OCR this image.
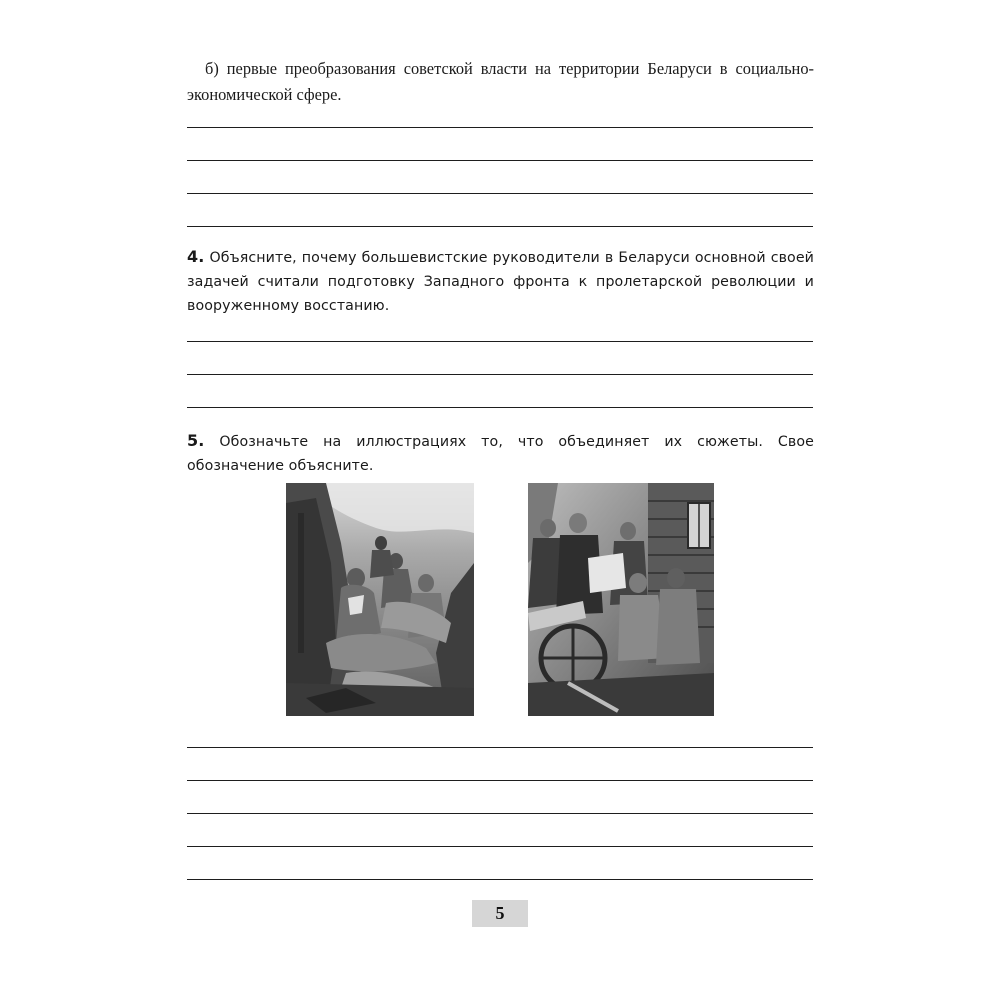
б) первые преобразования советской власти на территории Беларуси в социально-экономической сфере.

4. Объясните, почему большевистские руководители в Беларуси основной своей задачей считали подготовку Западного фронта к пролетарской революции и вооруженному восстанию.

5. Обозначьте на иллюстрациях то, что объединяет их сюжеты. Свое обозначение объясните.

5
